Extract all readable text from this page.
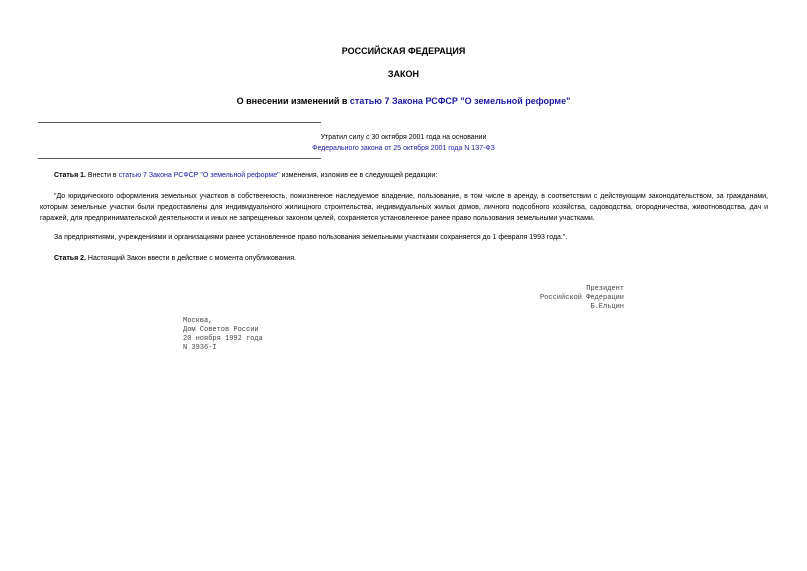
РОССИЙСКАЯ ФЕДЕРАЦИЯ
ЗАКОН
О внесении изменений в статью 7 Закона РСФСР "О земельной реформе"
Утратил силу с 30 октября 2001 года на основании
Федерального закона от 25 октября 2001 года N 137-ФЗ
Статья 1. Внести в статью 7 Закона РСФСР "О земельной реформе" изменения, изложив ее в следующей редакции:
"До юридического оформления земельных участков в собственность, пожизненное наследуемое владение, пользование, в том числе в аренду, в соответствии с действующим законодательством, за гражданами, которым земельные участки были предоставлены для индивидуального жилищного строительства, индивидуальных жилых домов, личного подсобного хозяйства, садоводства, огородничества, животноводства, дач и гаражей, для предпринимательской деятельности и иных не запрещенных законом целей, сохраняется установленное ранее право пользования земельными участками.
За предприятиями, учреждениями и организациями ранее установленное право пользования земельными участками сохраняется до 1 февраля 1993 года.".
Статья 2. Настоящий Закон ввести в действие с момента опубликования.
Президент
Российской Федерации
Б.Ельцин
Москва,
Дом Советов России
20 ноября 1992 года
N 3936-I
